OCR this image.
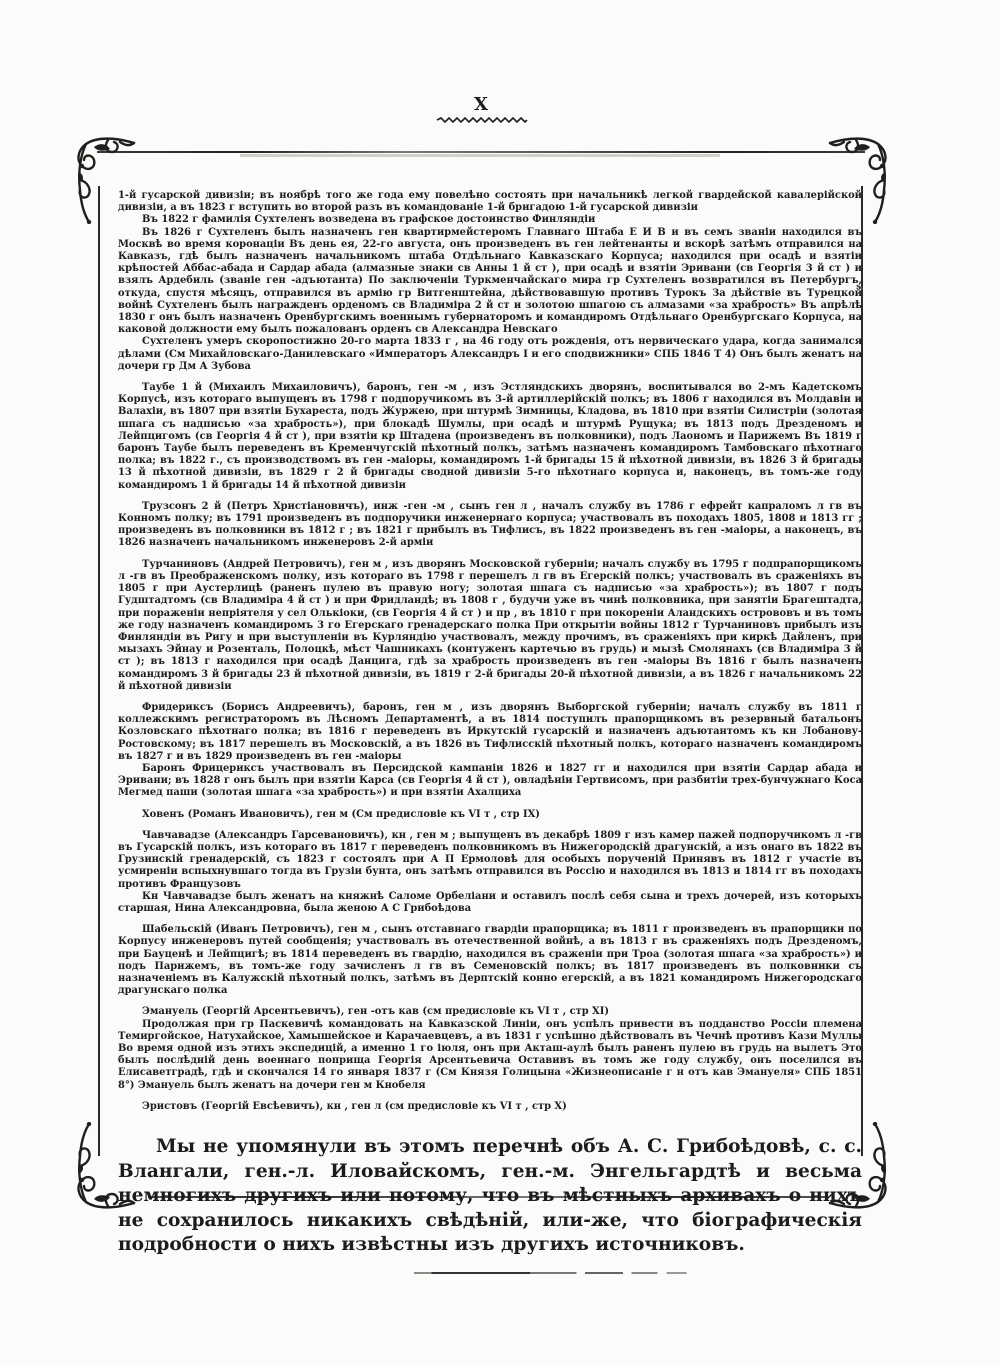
X

1-й гусарской дивизіи; въ ноябрѣ того же года ему повелѣно состоять при начальникѣ легкой гвардейской кавалерійской дивизіи, а въ 1823 г вступить во второй разъ въ командованіе 1-й бригадою 1-й гусарской дивизіи

Въ 1822 г фамилія Сухтеленъ возведена въ графское достоинство Финляндіи

Въ 1826 г Сухтеленъ былъ назначенъ ген квартирмейстеромъ Главнаго Штаба Е И В и въ семъ званіи находился въ Москвѣ во время коронаціи Въ день ея, 22-го августа, онъ произведенъ въ ген лейтенанты и вскорѣ затѣмъ отправился на Кавказъ, гдѣ былъ назначенъ начальникомъ штаба Отдѣльнаго Кавказскаго Корпуса; находился при осадѣ и взятіи крѣпостей Аббас-абада и Сардар абада (алмазные знаки св Анны 1 й ст ), при осадѣ и взятіи Эривани (св Георгія 3 й ст ) и взялъ Ардебиль (званіе ген -адъютанта) По заключеніи Туркменчайскаго мира гр Сухтеленъ возвратился въ Петербургъ, откуда, спустя мѣсяцъ, отправился въ армію гр Витгенштейна, дѣйствовавшую противъ Турокъ За дѣйствіе въ Турецкой войнѣ Сухтеленъ былъ награжденъ орденомъ св Владиміра 2 й ст и золотою шпагою съ алмазами «за храбрость» Въ апрѣлѣ 1830 г онъ былъ назначенъ Оренбургскимъ военнымъ губернаторомъ и командиромъ Отдѣльнаго Оренбургскаго Корпуса, на каковой должности ему былъ пожалованъ орденъ св Александра Невскаго

Сухтеленъ умеръ скоропостижно 20-го марта 1833 г , на 46 году отъ рожденія, отъ нервическаго удара, когда занимался дѣлами (См Михайловскаго-Данилевскаго «Императоръ Александръ I и его сподвижники» СПБ 1846 Т 4) Онъ былъ женатъ на дочери гр Дм А Зубова

Таубе 1 й (Михаилъ Михаиловичъ), баронъ, ген -м , изъ Эстляндскихъ дворянъ, воспитывался во 2-мъ Кадетскомъ Корпусѣ, изъ котораго выпущенъ въ 1798 г подпоручикомъ въ 3-й артиллерійскій полкъ; въ 1806 г находился въ Молдавіи и Валахіи, въ 1807 при взятіи Бухареста, подъ Журжею, при штурмѣ Зимницы, Кладова, въ 1810 при взятіи Силистріи (золотая шпага съ надписью «за храбрость»), при блокадѣ Шумлы, при осадѣ и штурмѣ Рущука; въ 1813 подъ Дрезденомъ и Лейпцигомъ (св Георгія 4 й ст ), при взятіи кр Штадена (произведенъ въ полковники), подъ Лаономъ и Парижемъ Въ 1819 г баронъ Таубе былъ переведенъ въ Кременчугскій пѣхотный полкъ, затѣмъ назначенъ командиромъ Тамбовскаго пѣхотнаго полка; въ 1822 г., съ производствомъ въ ген -маіоры, командиромъ 1-й бригады 15 й пѣхотной дивизіи, въ 1826 3 й бригады 13 й пѣхотной дивизіи, въ 1829 г 2 й бригады сводной дивизіи 5-го пѣхотнаго корпуса и, наконецъ, въ томъ-же году командиромъ 1 й бригады 14 й пѣхотной дивизіи

Трузсонъ 2 й (Петръ Христіановичъ), инж -ген -м , сынъ ген л , началъ службу въ 1786 г ефрейт капраломъ л гв въ Конномъ полку; въ 1791 произведенъ въ подпоручики инженернаго корпуса; участвовалъ въ походахъ 1805, 1808 и 1813 гг ; произведенъ въ полковники въ 1812 г ; въ 1821 г прибылъ въ Тифлисъ, въ 1822 произведенъ въ ген -маіоры, а наконецъ, въ 1826 назначенъ начальникомъ инженеровъ 2-й арміи

Турчаниновъ (Андрей Петровичъ), ген м , изъ дворянъ Московской губерніи; началъ службу въ 1795 г подпрапорщикомъ л -гв въ Преображенскомъ полку, изъ котораго въ 1798 г перешелъ л гв въ Егерскій полкъ; участвовалъ въ сраженіяхъ въ 1805 г при Аустерлицѣ (раненъ пулею въ правую ногу; золотая шпага съ надписью «за храбрость»); въ 1807 г подъ Гудштадтомъ (св Владиміра 4 й ст ) и при Фридландѣ; въ 1808 г , будучи уже въ чинѣ полковника, при занятіи Брагештадта, при пораженіи непріятеля у сел Олькіоки, (св Георгія 4 й ст ) и пр , въ 1810 г при покореніи Аландскихъ острововъ и въ томъ же году назначенъ командиромъ 3 го Егерскаго гренадерскаго полка При открытіи войны 1812 г Турчаниновъ прибылъ изъ Финляндіи въ Ригу и при выступленіи въ Курляндію участвовалъ, между прочимъ, въ сраженіяхъ при киркѣ Дайленъ, при мызахъ Эйнау и Розенталь, Полоцкѣ, мѣст Чашникахъ (контуженъ картечью въ грудь) и мызѣ Смолянахъ (св Владиміра 3 й ст ); въ 1813 г находился при осадѣ Данцига, гдѣ за храбрость произведенъ въ ген -маіоры Въ 1816 г былъ назначенъ командиромъ 3 й бригады 23 й пѣхотной дивизіи, въ 1819 г 2-й бригады 20-й пѣхотной дивизіи, а въ 1826 г начальникомъ 22 й пѣхотной дивизіи

Фридериксъ (Борисъ Андреевичъ), баронъ, ген м , изъ дворянъ Выборгской губерніи; началъ службу въ 1811 г коллежскимъ регистраторомъ въ Лѣсномъ Департаментѣ, а въ 1814 поступилъ прапорщикомъ въ резервный батальонъ Козловскаго пѣхотнаго полка; въ 1816 г переведенъ въ Иркутскій гусарскій и назначенъ адъютантомъ къ кн Лобанову-Ростовскому; въ 1817 перешелъ въ Московскій, а въ 1826 въ Тифлисскій пѣхотный полкъ, котораго назначенъ командиромъ въ 1827 г и въ 1829 произведенъ въ ген -маіоры

Баронъ Фрицериксъ участвовалъ въ Персидской кампаніи 1826 и 1827 гг и находился при взятіи Сардар абада и Эривани; въ 1828 г онъ былъ при взятіи Карса (св Георгія 4 й ст ), овладѣніи Гертвисомъ, при разбитіи трех-бунчужнаго Коса Мегмед паши (золотая шпага «за храбрость») и при взятіи Ахалциха

Ховенъ (Романъ Ивановичъ), ген м (См предисловіе къ VI т , стр IX)

Чавчавадзе (Александръ Гарсевановичъ), кн , ген м ; выпущенъ въ декабрѣ 1809 г изъ камер пажей подпоручикомъ л -гв въ Гусарскій полкъ, изъ котораго въ 1817 г переведенъ полковникомъ въ Нижегородскій драгунскій, а изъ онаго въ 1822 въ Грузинскій гренадерскій, съ 1823 г состоялъ при А П Ермоловѣ для особыхъ порученій Принявъ въ 1812 г участіе въ усмиреніи вспыхнувшаго тогда въ Грузіи бунта, онъ затѣмъ отправился въ Россію и находился въ 1813 и 1814 гг въ походахъ противъ Французовъ

Кн Чавчавадзе былъ женатъ на княжнѣ Саломе Орбеліани и оставилъ послѣ себя сына и трехъ дочерей, изъ которыхъ старшая, Нина Александровна, была женою А С Грибоѣдова

Шабельскій (Иванъ Петровичъ), ген м , сынъ отставнаго гвардіи прапорщика; въ 1811 г произведенъ въ прапорщики по Корпусу инженеровъ путей сообщенія; участвовалъ въ отечественной войнѣ, а въ 1813 г въ сраженіяхъ подъ Дрезденомъ, при Бауценѣ и Лейпцигѣ; въ 1814 переведенъ въ гвардію, находился въ сраженіи при Троа (золотая шпага «за храбрость») и подъ Парижемъ, въ томъ-же году зачисленъ л гв въ Семеновскій полкъ; въ 1817 произведенъ въ полковники съ назначеніемъ въ Калужскій пѣхотный полкъ, затѣмъ въ Дерптскій конно егерскій, а въ 1821 командиромъ Нижегородскаго драгунскаго полка

Эмануель (Георгій Арсентьевичъ), ген -отъ кав (см предисловіе къ VI т , стр XI)

Продолжая при гр Паскевичѣ командовать на Кавказской Линіи, онъ успѣлъ привести въ подданство Россіи племена Темиргойское, Натухайское, Хамышейское и Карачаевцевъ, а въ 1831 г успѣшно дѣйствовалъ въ Чечнѣ противъ Кази Муллы Во время одной изъ этихъ экспедицій, а именно 1 го іюля, онъ при Акташ-аулѣ былъ раненъ пулею въ грудь на вылетъ Это былъ послѣдній день военнаго поприща Георгія Арсентьевича Оставивъ въ томъ же году службу, онъ поселился въ Елисаветградѣ, гдѣ и скончался 14 го января 1837 г (См Князя Голицына «Жизнеописаніе г н отъ кав Эмануеля» СПБ 1851 8°) Эмануель былъ женатъ на дочери ген м Кнобеля

Эристовъ (Георгій Евсѣевичъ), кн , ген л (см предисловіе къ VI т , стр X)

Мы не упомянули въ этомъ перечнѣ объ А. С. Грибоѣдовѣ, с. с. Влангали, ген.-л. Иловайскомъ, ген.-м. Энгельгардтѣ и весьма немногихъ другихъ или потому, что въ мѣстныхъ архивахъ о нихъ не сохранилось никакихъ свѣдѣній, или-же, что біографическія подробности о нихъ извѣстны изъ другихъ источниковъ.
